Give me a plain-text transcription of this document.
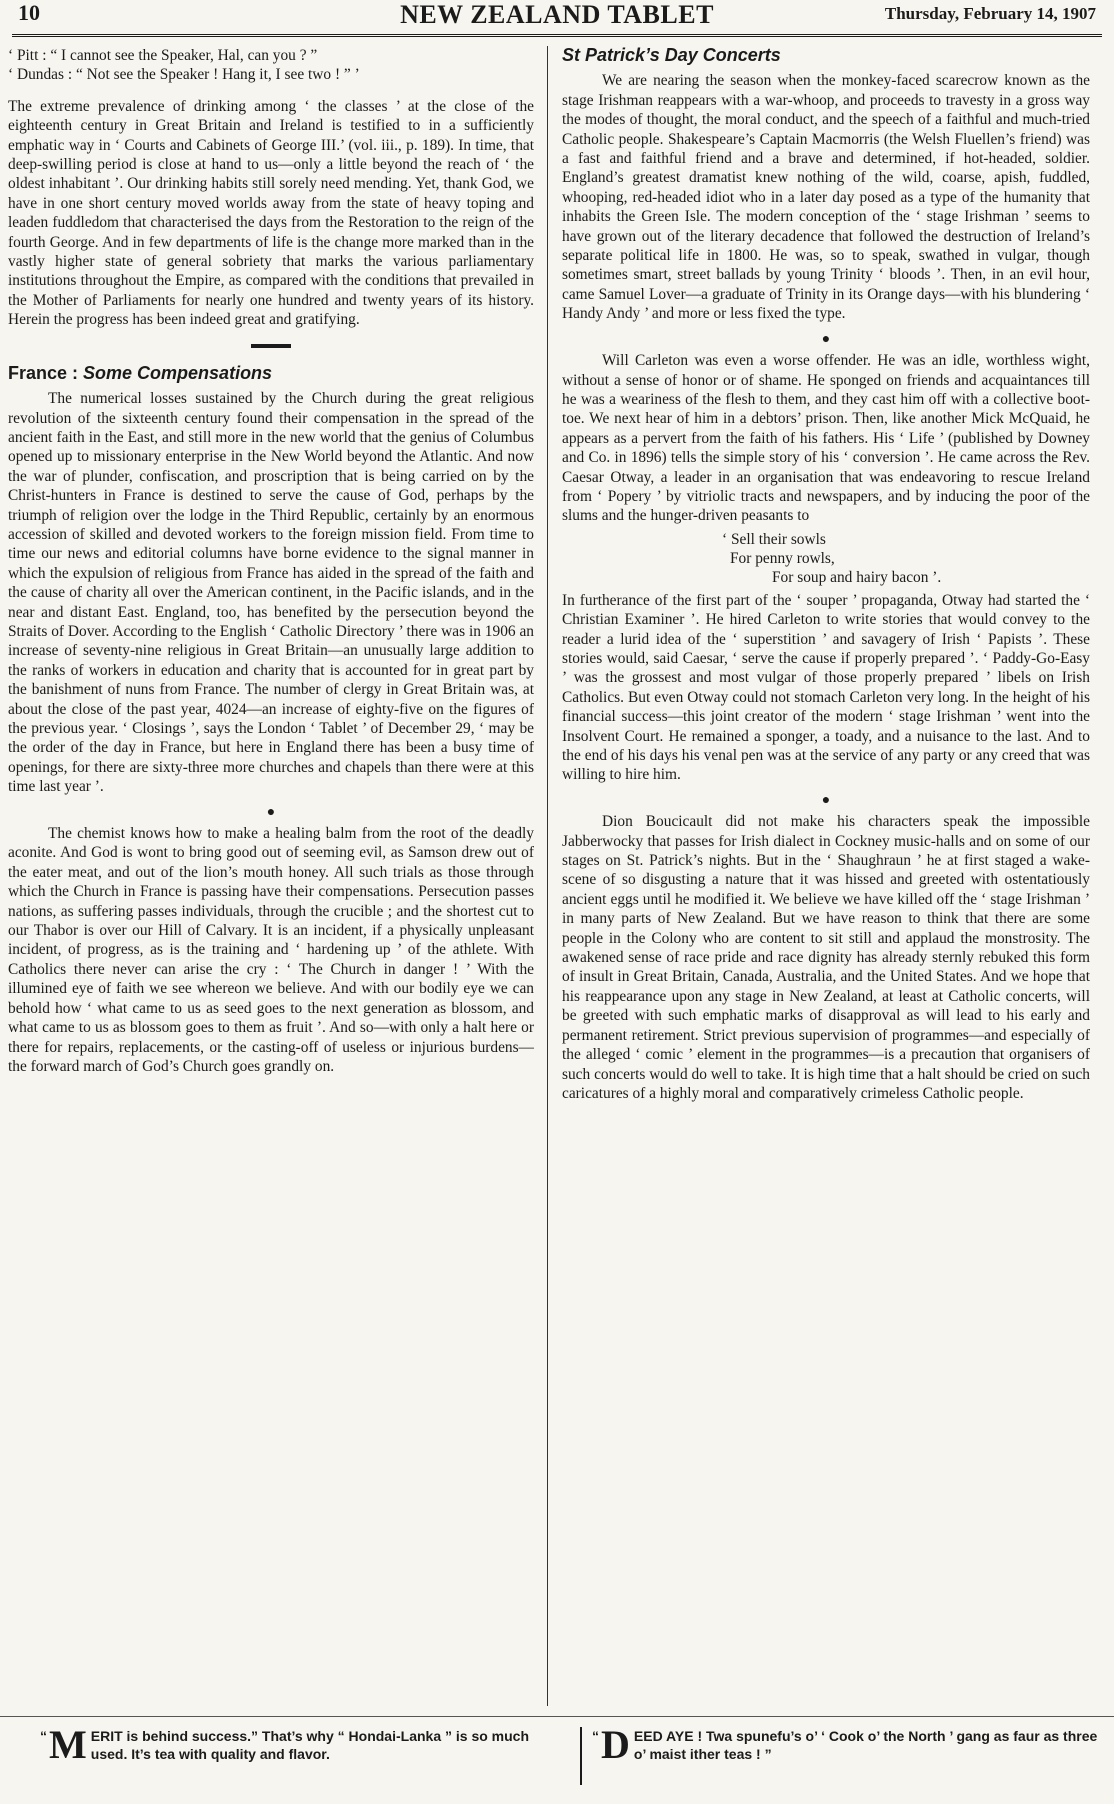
10	NEW ZEALAND TABLET	Thursday, February 14, 1907

‘ Pitt : “ I cannot see the Speaker, Hal, can you ? ”

‘ Dundas : “ Not see the Speaker ! Hang it, I see two ! ” ’

The extreme prevalence of drinking among ‘ the classes ’ at the close of the eighteenth century in Great Britain and Ireland is testified to in a sufficiently emphatic way in ‘ Courts and Cabinets of George III.’ (vol. iii., p. 189). In time, that deep-swilling period is close at hand to us—only a little beyond the reach of ‘ the oldest inhabitant ’. Our drinking habits still sorely need mending. Yet, thank God, we have in one short century moved worlds away from the state of heavy toping and leaden fuddledom that characterised the days from the Restoration to the reign of the fourth George. And in few departments of life is the change more marked than in the vastly higher state of general sobriety that marks the various parliamentary institutions throughout the Empire, as compared with the conditions that prevailed in the Mother of Parliaments for nearly one hundred and twenty years of its history. Herein the progress has been indeed great and gratifying.

France : Some Compensations

The numerical losses sustained by the Church during the great religious revolution of the sixteenth century found their compensation in the spread of the ancient faith in the East, and still more in the new world that the genius of Columbus opened up to missionary enterprise in the New World beyond the Atlantic. And now the war of plunder, confiscation, and proscription that is being carried on by the Christ-hunters in France is destined to serve the cause of God, perhaps by the triumph of religion over the lodge in the Third Republic, certainly by an enormous accession of skilled and devoted workers to the foreign mission field. From time to time our news and editorial columns have borne evidence to the signal manner in which the expulsion of religious from France has aided in the spread of the faith and the cause of charity all over the American continent, in the Pacific islands, and in the near and distant East. England, too, has benefited by the persecution beyond the Straits of Dover. According to the English ‘ Catholic Directory ’ there was in 1906 an increase of seventy-nine religious in Great Britain—an unusually large addition to the ranks of workers in education and charity that is accounted for in great part by the banishment of nuns from France. The number of clergy in Great Britain was, at about the close of the past year, 4024—an increase of eighty-five on the figures of the previous year. ‘ Closings ’, says the London ‘ Tablet ’ of December 29, ‘ may be the order of the day in France, but here in England there has been a busy time of openings, for there are sixty-three more churches and chapels than there were at this time last year ’.

●

The chemist knows how to make a healing balm from the root of the deadly aconite. And God is wont to bring good out of seeming evil, as Samson drew out of the eater meat, and out of the lion’s mouth honey. All such trials as those through which the Church in France is passing have their compensations. Persecution passes nations, as suffering passes individuals, through the crucible ; and the shortest cut to our Thabor is over our Hill of Calvary. It is an incident, if a physically unpleasant incident, of progress, as is the training and ‘ hardening up ’ of the athlete. With Catholics there never can arise the cry : ‘ The Church in danger ! ’ With the illumined eye of faith we see whereon we believe. And with our bodily eye we can behold how ‘ what came to us as seed goes to the next generation as blossom, and what came to us as blossom goes to them as fruit ’. And so—with only a halt here or there for repairs, replacements, or the casting-off of useless or injurious burdens—the forward march of God’s Church goes grandly on.

St Patrick’s Day Concerts

We are nearing the season when the monkey-faced scarecrow known as the stage Irishman reappears with a war-whoop, and proceeds to travesty in a gross way the modes of thought, the moral conduct, and the speech of a faithful and much-tried Catholic people. Shakespeare’s Captain Macmorris (the Welsh Fluellen’s friend) was a fast and faithful friend and a brave and determined, if hot-headed, soldier. England’s greatest dramatist knew nothing of the wild, coarse, apish, fuddled, whooping, red-headed idiot who in a later day posed as a type of the humanity that inhabits the Green Isle. The modern conception of the ‘ stage Irishman ’ seems to have grown out of the literary decadence that followed the destruction of Ireland’s separate political life in 1800. He was, so to speak, swathed in vulgar, though sometimes smart, street ballads by young Trinity ‘ bloods ’. Then, in an evil hour, came Samuel Lover—a graduate of Trinity in its Orange days—with his blundering ‘ Handy Andy ’ and more or less fixed the type.

●

Will Carleton was even a worse offender. He was an idle, worthless wight, without a sense of honor or of shame. He sponged on friends and acquaintances till he was a weariness of the flesh to them, and they cast him off with a collective boot-toe. We next hear of him in a debtors’ prison. Then, like another Mick McQuaid, he appears as a pervert from the faith of his fathers. His ‘ Life ’ (published by Downey and Co. in 1896) tells the simple story of his ‘ conversion ’. He came across the Rev. Caesar Otway, a leader in an organisation that was endeavoring to rescue Ireland from ‘ Popery ’ by vitriolic tracts and newspapers, and by inducing the poor of the slums and the hunger-driven peasants to

‘ Sell their sowls
For penny rowls,
For soup and hairy bacon ’.

In furtherance of the first part of the ‘ souper ’ propaganda, Otway had started the ‘ Christian Examiner ’. He hired Carleton to write stories that would convey to the reader a lurid idea of the ‘ superstition ’ and savagery of Irish ‘ Papists ’. These stories would, said Caesar, ‘ serve the cause if properly prepared ’. ‘ Paddy-Go-Easy ’ was the grossest and most vulgar of those properly prepared ’ libels on Irish Catholics. But even Otway could not stomach Carleton very long. In the height of his financial success—this joint creator of the modern ‘ stage Irishman ’ went into the Insolvent Court. He remained a sponger, a toady, and a nuisance to the last. And to the end of his days his venal pen was at the service of any party or any creed that was willing to hire him.

●

Dion Boucicault did not make his characters speak the impossible Jabberwocky that passes for Irish dialect in Cockney music-halls and on some of our stages on St. Patrick’s nights. But in the ‘ Shaughraun ’ he at first staged a wake-scene of so disgusting a nature that it was hissed and greeted with ostentatiously ancient eggs until he modified it. We believe we have killed off the ‘ stage Irishman ’ in many parts of New Zealand. But we have reason to think that there are some people in the Colony who are content to sit still and applaud the monstrosity. The awakened sense of race pride and race dignity has already sternly rebuked this form of insult in Great Britain, Canada, Australia, and the United States. And we hope that his reappearance upon any stage in New Zealand, at least at Catholic concerts, will be greeted with such emphatic marks of disapproval as will lead to his early and permanent retirement. Strict previous supervision of programmes—and especially of the alleged ‘ comic ’ element in the programmes—is a precaution that organisers of such concerts would do well to take. It is high time that a halt should be cried on such caricatures of a highly moral and comparatively crimeless Catholic people.

“ M ERIT is behind success.” That’s why “ Hondai-Lanka ” is so much used. It’s tea with quality and flavor.
“ D EED AYE ! Twa spunefu’s o’ ‘ Cook o’ the North ’ gang as faur as three o’ maist ither teas ! ”
